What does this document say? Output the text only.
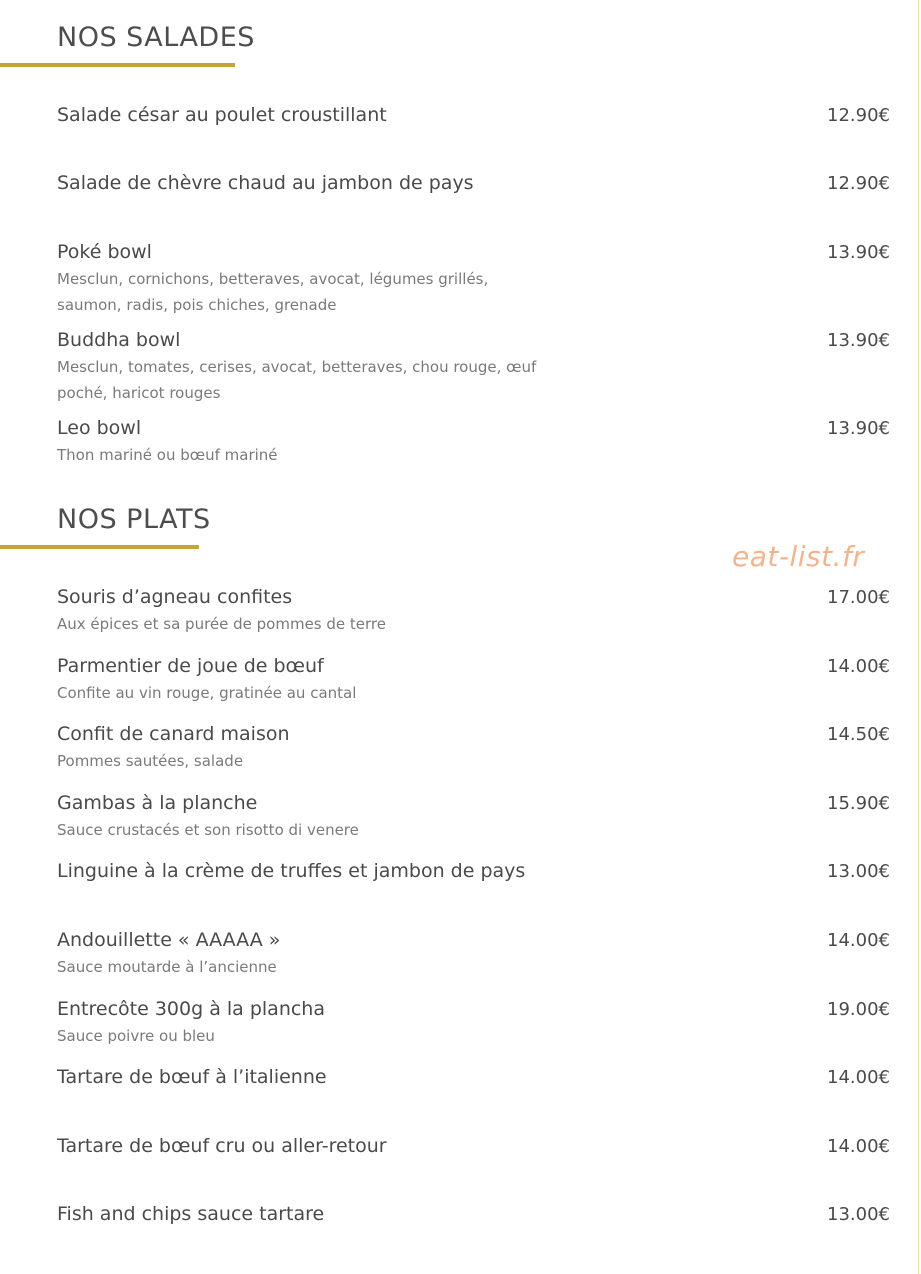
NOS SALADES
Salade césar au poulet croustillant	12.90€
Salade de chèvre chaud au jambon de pays	12.90€
Poké bowl	13.90€
Mesclun, cornichons, betteraves, avocat, légumes grillés, saumon, radis, pois chiches, grenade
Buddha bowl	13.90€
Mesclun, tomates, cerises, avocat, betteraves, chou rouge, œuf poché, haricot rouges
Leo bowl	13.90€
Thon mariné ou bœuf mariné
NOS PLATS
eat-list.fr
Souris d’agneau confites	17.00€
Aux épices et sa purée de pommes de terre
Parmentier de joue de bœuf	14.00€
Confite au vin rouge, gratinée au cantal
Confit de canard maison	14.50€
Pommes sautées, salade
Gambas à la planche	15.90€
Sauce crustacés et son risotto di venere
Linguine à la crème de truffes et jambon de pays	13.00€
Andouillette « AAAAA »	14.00€
Sauce moutarde à l’ancienne
Entrecôte 300g à la plancha	19.00€
Sauce poivre ou bleu
Tartare de bœuf à l’italienne	14.00€
Tartare de bœuf cru ou aller-retour	14.00€
Fish and chips sauce tartare	13.00€
